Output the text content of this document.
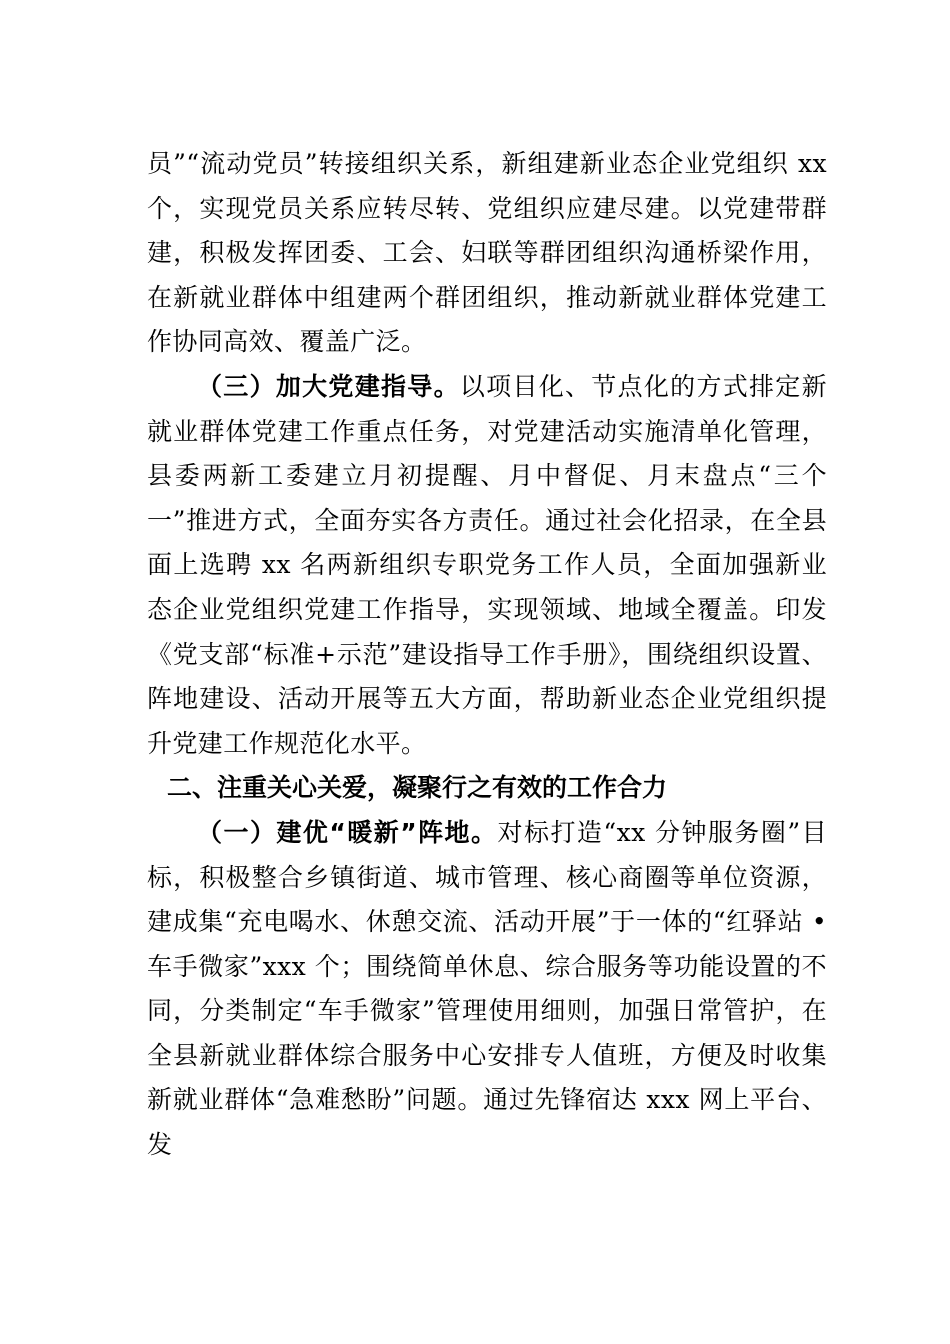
员”“流动党员”转接组织关系，新组建新业态企业党组织 xx 个，实现党员关系应转尽转、党组织应建尽建。以党建带群建，积极发挥团委、工会、妇联等群团组织沟通桥梁作用，在新就业群体中组建两个群团组织，推动新就业群体党建工作协同高效、覆盖广泛。

（三）加大党建指导。以项目化、节点化的方式排定新就业群体党建工作重点任务，对党建活动实施清单化管理，县委两新工委建立月初提醒、月中督促、月末盘点“三个一”推进方式，全面夯实各方责任。通过社会化招录，在全县面上选聘 xx 名两新组织专职党务工作人员，全面加强新业态企业党组织党建工作指导，实现领域、地域全覆盖。印发《党支部“标准+示范”建设指导工作手册》，围绕组织设置、阵地建设、活动开展等五大方面，帮助新业态企业党组织提升党建工作规范化水平。

二、注重关心关爱，凝聚行之有效的工作合力

（一）建优“暖新”阵地。对标打造“xx 分钟服务圈”目标，积极整合乡镇街道、城市管理、核心商圈等单位资源，建成集“充电喝水、休憩交流、活动开展”于一体的“红驿站 • 车手微家”xxx 个；围绕简单休息、综合服务等功能设置的不同，分类制定“车手微家”管理使用细则，加强日常管护，在全县新就业群体综合服务中心安排专人值班，方便及时收集新就业群体“急难愁盼”问题。通过先锋宿达 xxx 网上平台、发
